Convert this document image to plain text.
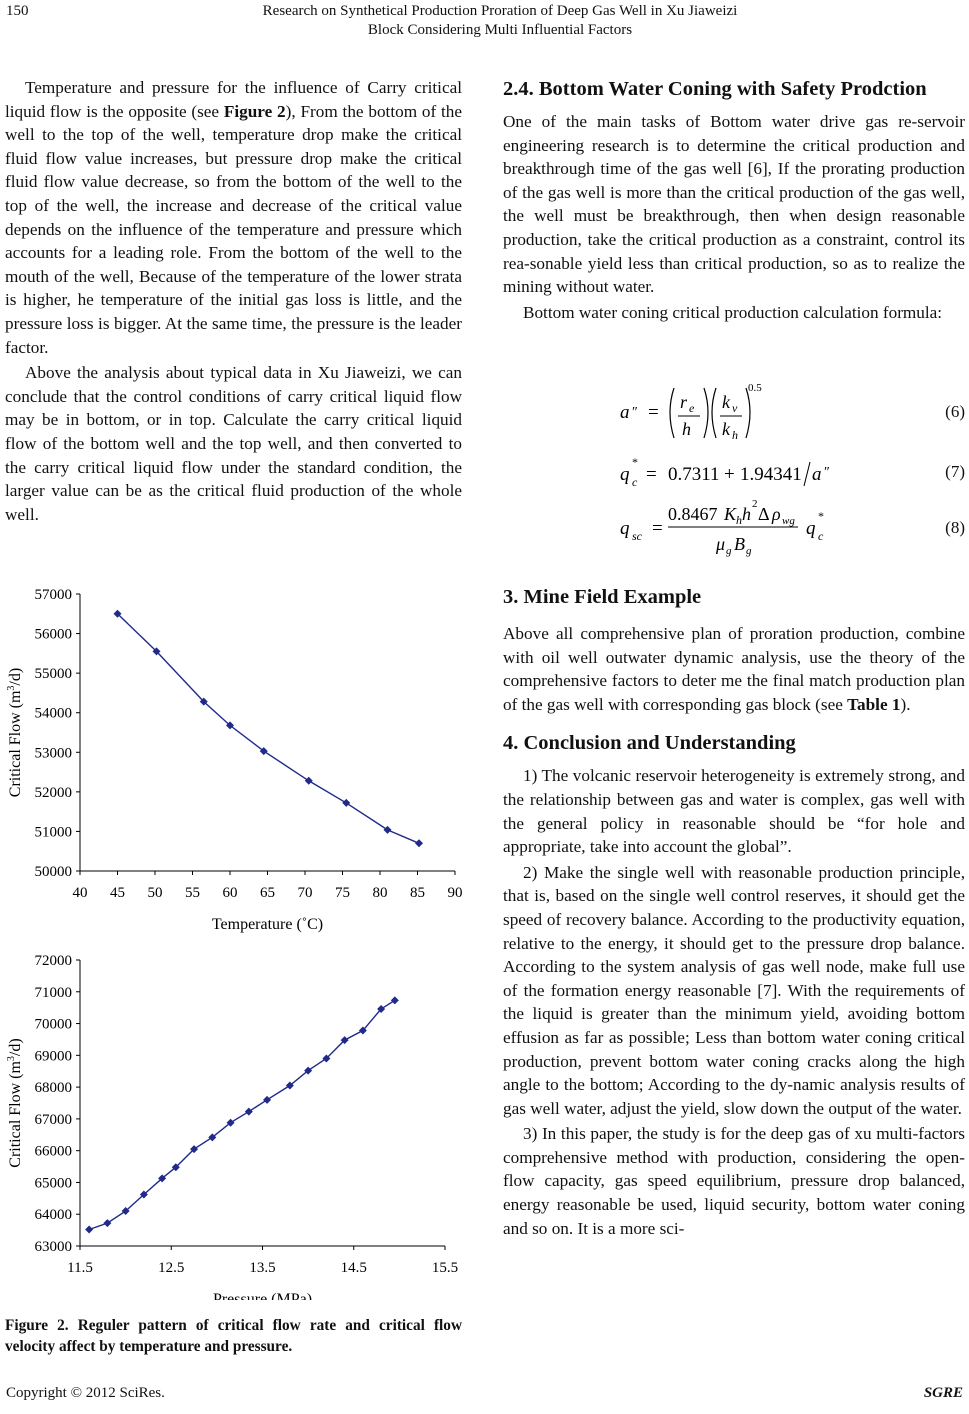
150	Research on Synthetical Production Proration of Deep Gas Well in Xu Jiaweizi
Block Considering Multi Influential Factors

Temperature and pressure for the influence of Carry critical liquid flow is the opposite (see Figure 2), From the bottom of the well to the top of the well, temperature drop make the critical fluid flow value increases, but pressure drop make the critical fluid flow value decrease, so from the bottom of the well to the top of the well, the increase and decrease of the critical value depends on the influence of the temperature and pressure which accounts for a leading role. From the bottom of the well to the mouth of the well, Because of the temperature of the lower strata is higher, he temperature of the initial gas loss is little, and the pressure loss is bigger. At the same time, the pressure is the leader factor.

Above the analysis about typical data in Xu Jiaweizi, we can conclude that the control conditions of carry critical liquid flow may be in bottom, or in top. Calculate the carry critical liquid flow of the bottom well and the top well, and then converted to the carry critical liquid flow under the standard condition, the larger value can be as the critical fluid production of the whole well.

50000
51000
52000
53000
54000
55000
56000
57000
40 45 50 55 60 65 70 75 80 85 90
Temperature (˚C)
Critical Flow $(m^3/d)$
63000
64000
65000
66000
67000
68000
69000
70000
71000
72000
11.5	12.5	13.5	14.5	15.5
Pressure (MPa)
Critical Flow $(m^3/d)$
Figure 2. Reguler pattern of critical flow rate and critical flow velocity affect by temperature and pressure.
2.4. Bottom Water Coning with Safety Prodction

One of the main tasks of Bottom water drive gas re-servoir engineering research is to determine the critical production and breakthrough time of the gas well [6], If the prorating production of the gas well is more than the critical production of the gas well, the well must be breakthrough, then when design reasonable production, take the critical production as a constraint, control its rea-sonable yield less than critical production, so as to realize the mining without water.

Bottom water coning critical production calculation formula:

a ″ = r e
h
k v
k h
0.5
(6)
q
*
c = 0.7311 + 1.94341 a ″	(7)
q sc =
0.8467 K h h 2 Δ ρ wg
μ g B g
q
*
c	(8)
3. Mine Field Example

Above all comprehensive plan of proration production, combine with oil well outwater dynamic analysis, use the theory of the comprehensive factors to deter me the final match production plan of the gas well with corresponding gas block (see Table 1).

4. Conclusion and Understanding

1) The volcanic reservoir heterogeneity is extremely strong, and the relationship between gas and water is complex, gas well with the general policy in reasonable should be “for hole and appropriate, take into account the global”.

2) Make the single well with reasonable production principle, that is, based on the single well control reserves, it should get the speed of recovery balance. According to the productivity equation, relative to the energy, it should get to the pressure drop balance. According to the system analysis of gas well node, make full use of the formation energy reasonable [7]. With the requirements of the liquid is greater than the minimum yield, avoiding bottom effusion as far as possible; Less than bottom water coning critical production, prevent bottom water coning cracks along the high angle to the bottom; According to the dy-namic analysis results of gas well water, adjust the yield, slow down the output of the water.

3) In this paper, the study is for the deep gas of xu multi-factors comprehensive method with production, considering the open-flow capacity, gas speed equilibrium, pressure drop balanced, energy reasonable be used, liquid security, bottom water coning and so on. It is a more sci-

Copyright © 2012 SciRes.	SGRE
